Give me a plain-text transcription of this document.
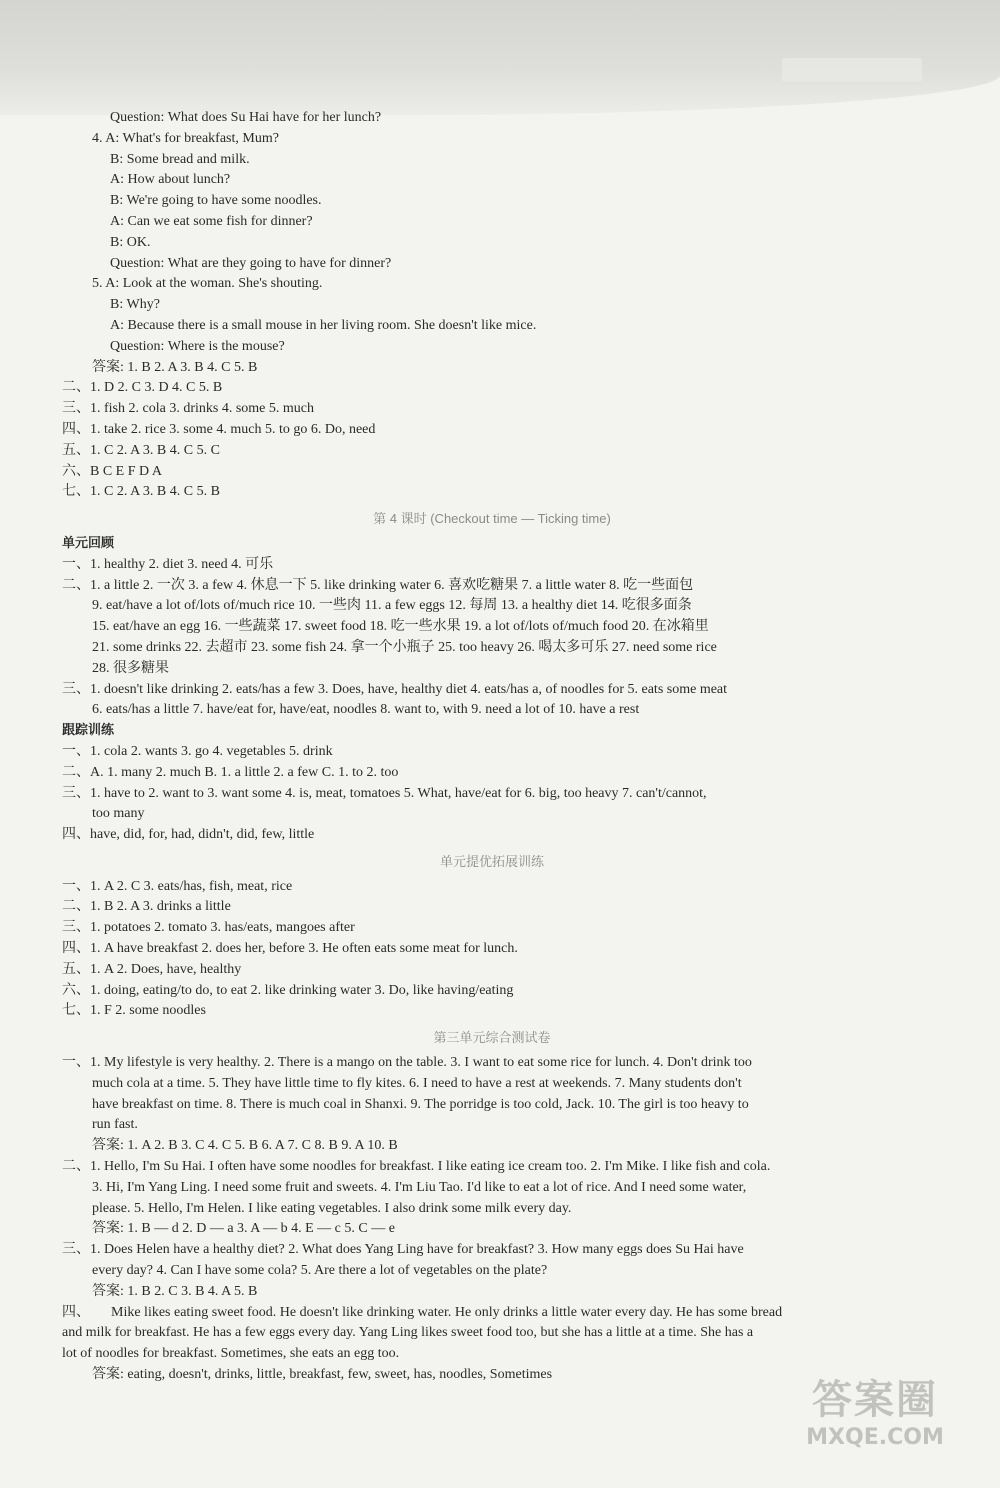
Question: What does Su Hai have for her lunch?
4. A: What's for breakfast, Mum?
B: Some bread and milk.
A: How about lunch?
B: We're going to have some noodles.
A: Can we eat some fish for dinner?
B: OK.
Question: What are they going to have for dinner?
5. A: Look at the woman. She's shouting.
B: Why?
A: Because there is a small mouse in her living room. She doesn't like mice.
Question: Where is the mouse?
答案: 1. B 2. A 3. B 4. C 5. B
二、1. D 2. C 3. D 4. C 5. B
三、1. fish 2. cola 3. drinks 4. some 5. much
四、1. take 2. rice 3. some 4. much 5. to go 6. Do, need
五、1. C 2. A 3. B 4. C 5. C
六、B C E F D A
七、1. C 2. A 3. B 4. C 5. B
第 4 课时 (Checkout time — Ticking time)
单元回顾
一、1. healthy 2. diet 3. need 4. 可乐
二、1. a little 2. 一次 3. a few 4. 休息一下 5. like drinking water 6. 喜欢吃糖果 7. a little water 8. 吃一些面包
9. eat/have a lot of/lots of/much rice 10. 一些肉 11. a few eggs 12. 每周 13. a healthy diet 14. 吃很多面条
15. eat/have an egg 16. 一些蔬菜 17. sweet food 18. 吃一些水果 19. a lot of/lots of/much food 20. 在冰箱里
21. some drinks 22. 去超市 23. some fish 24. 拿一个小瓶子 25. too heavy 26. 喝太多可乐 27. need some rice
28. 很多糖果
三、1. doesn't like drinking 2. eats/has a few 3. Does, have, healthy diet 4. eats/has a, of noodles for 5. eats some meat
6. eats/has a little 7. have/eat for, have/eat, noodles 8. want to, with 9. need a lot of 10. have a rest
跟踪训练
一、1. cola 2. wants 3. go 4. vegetables 5. drink
二、A. 1. many 2. much B. 1. a little 2. a few C. 1. to 2. too
三、1. have to 2. want to 3. want some 4. is, meat, tomatoes 5. What, have/eat for 6. big, too heavy 7. can't/cannot,
too many
四、have, did, for, had, didn't, did, few, little
单元提优拓展训练
一、1. A 2. C 3. eats/has, fish, meat, rice
二、1. B 2. A 3. drinks a little
三、1. potatoes 2. tomato 3. has/eats, mangoes after
四、1. A have breakfast 2. does her, before 3. He often eats some meat for lunch.
五、1. A 2. Does, have, healthy
六、1. doing, eating/to do, to eat 2. like drinking water 3. Do, like having/eating
七、1. F 2. some noodles
第三单元综合测试卷
一、1. My lifestyle is very healthy. 2. There is a mango on the table. 3. I want to eat some rice for lunch. 4. Don't drink too
much cola at a time. 5. They have little time to fly kites. 6. I need to have a rest at weekends. 7. Many students don't
have breakfast on time. 8. There is much coal in Shanxi. 9. The porridge is too cold, Jack. 10. The girl is too heavy to
run fast.
答案: 1. A 2. B 3. C 4. C 5. B 6. A 7. C 8. B 9. A 10. B
二、1. Hello, I'm Su Hai. I often have some noodles for breakfast. I like eating ice cream too. 2. I'm Mike. I like fish and cola.
3. Hi, I'm Yang Ling. I need some fruit and sweets. 4. I'm Liu Tao. I'd like to eat a lot of rice. And I need some water,
please. 5. Hello, I'm Helen. I like eating vegetables. I also drink some milk every day.
答案: 1. B — d 2. D — a 3. A — b 4. E — c 5. C — e
三、1. Does Helen have a healthy diet? 2. What does Yang Ling have for breakfast? 3. How many eggs does Su Hai have
every day? 4. Can I have some cola? 5. Are there a lot of vegetables on the plate?
答案: 1. B 2. C 3. B 4. A 5. B
四、 Mike likes eating sweet food. He doesn't like drinking water. He only drinks a little water every day. He has some bread
and milk for breakfast. He has a few eggs every day. Yang Ling likes sweet food too, but she has a little at a time. She has a
lot of noodles for breakfast. Sometimes, she eats an egg too.
答案: eating, doesn't, drinks, little, breakfast, few, sweet, has, noodles, Sometimes
答案圈
MXQE.COM
